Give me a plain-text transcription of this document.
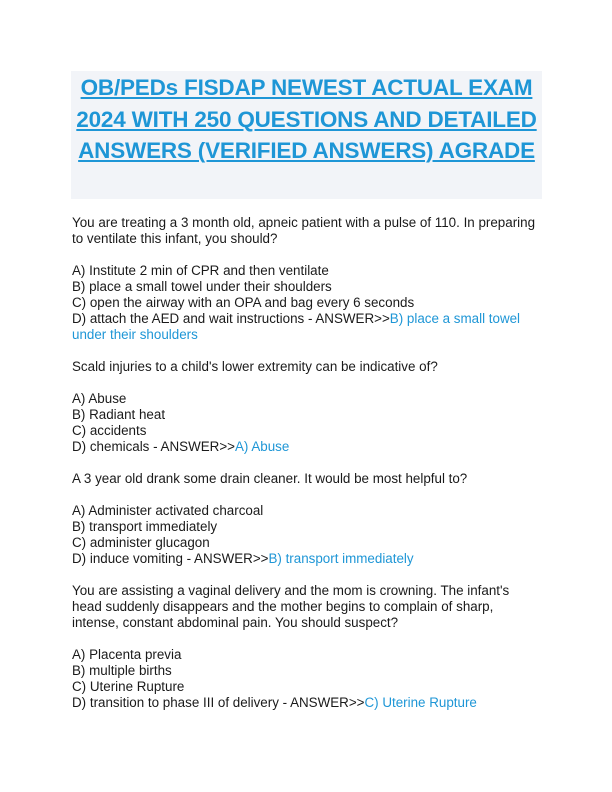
OB/PEDs FISDAP NEWEST ACTUAL EXAM 2024 WITH 250 QUESTIONS AND DETAILED ANSWERS (VERIFIED ANSWERS) AGRADE

You are treating a 3 month old, apneic patient with a pulse of 110. In preparing to ventilate this infant, you should?

A) Institute 2 min of CPR and then ventilate

B) place a small towel under their shoulders

C) open the airway with an OPA and bag every 6 seconds

D) attach the AED and wait instructions - ANSWER>>B) place a small towel under their shoulders

Scald injuries to a child's lower extremity can be indicative of?

A) Abuse

B) Radiant heat

C) accidents

D) chemicals - ANSWER>>A) Abuse

A 3 year old drank some drain cleaner. It would be most helpful to?

A) Administer activated charcoal

B) transport immediately

C) administer glucagon

D) induce vomiting - ANSWER>>B) transport immediately

You are assisting a vaginal delivery and the mom is crowning. The infant's head suddenly disappears and the mother begins to complain of sharp, intense, constant abdominal pain. You should suspect?

A) Placenta previa

B) multiple births

C) Uterine Rupture

D) transition to phase III of delivery - ANSWER>>C) Uterine Rupture
